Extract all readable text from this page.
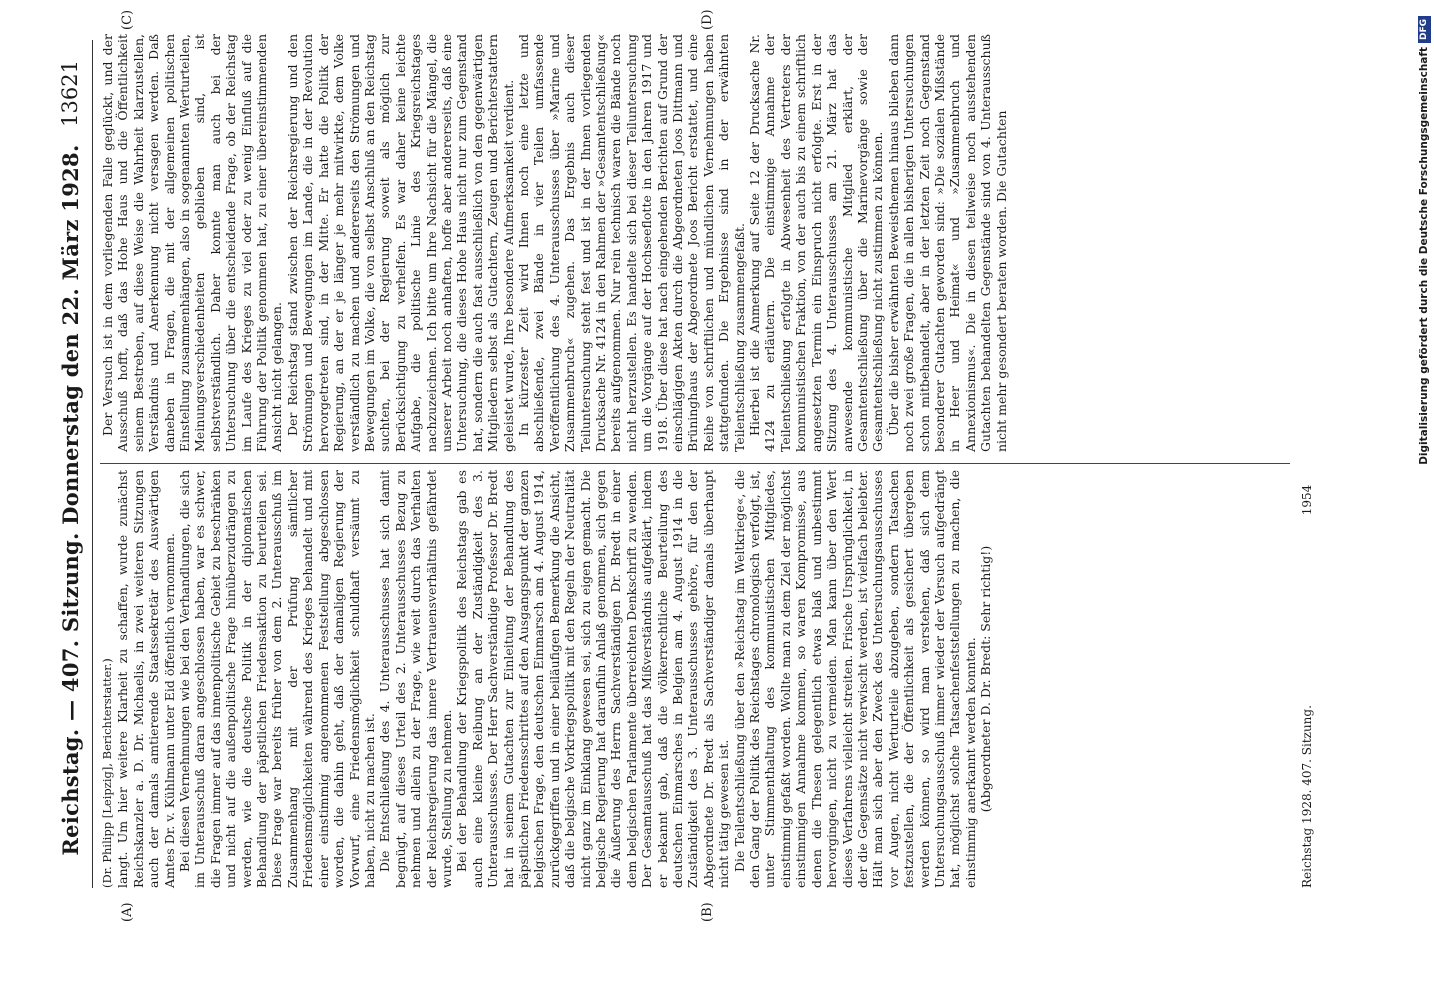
Reichstag. — 407. Sitzung. Donnerstag den 22. März 1928.
13621
(A)	(B)
(C)	(D)

(Dr. Philipp [Leipzig], Berichterstatter.) langt. Um hier weitere Klarheit zu schaffen, wurde zunächst Reichskanzler a. D. Dr. Michaelis, in zwei weiteren Sitzungen auch der damals amtierende Staatssekretär des Auswärtigen Amtes Dr. v. Kühlmann unter Eid öffentlich vernommen. Bei diesen Vernehmungen wie bei den Verhandlungen, die sich im Unterausschuß daran angeschlossen haben, war es schwer, die Fragen immer auf das innenpolitische Gebiet zu beschränken und nicht auf die außenpolitische Frage hinüberzudrängen zu werden, wie die deutsche Politik in der diplomatischen Behandlung der päpstlichen Friedensaktion zu beurteilen sei. Diese Frage war bereits früher von dem 2. Unterausschuß im Zusammenhang mit der Prüfung sämtlicher Friedensmöglichkeiten während des Krieges behandelt und mit einer einstimmig angenommenen Feststellung abgeschlossen worden, die dahin geht, daß der damaligen Regierung der Vorwurf, eine Friedensmöglichkeit schuldhaft versäumt zu haben, nicht zu machen ist. Die Entschließung des 4. Unterausschusses hat sich damit begnügt, auf dieses Urteil des 2. Unterausschusses Bezug zu nehmen und allein zu der Frage, wie weit durch das Verhalten der Reichsregierung das innere Vertrauensverhältnis gefährdet wurde, Stellung zu nehmen. Bei der Behandlung der Kriegspolitik des Reichstags gab es auch eine kleine Reibung an der Zuständigkeit des 3. Unterausschusses. Der Herr Sachverständige Professor Dr. Bredt hat in seinem Gutachten zur Einleitung der Behandlung des päpstlichen Friedensschrittes auf den Ausgangspunkt der ganzen belgischen Frage, den deutschen Einmarsch am 4. August 1914, zurückgegriffen und in einer beiläufigen Bemerkung die Ansicht, daß die belgische Vorkriegspolitik mit den Regeln der Neutralität nicht ganz im Einklang gewesen sei, sich zu eigen gemacht. Die belgische Regierung hat daraufhin Anlaß genommen, sich gegen die Äußerung des Herrn Sachverständigen Dr. Bredt in einer dem belgischen Parlamente überreichten Denkschrift zu wenden. Der Gesamtausschuß hat das Mißverständnis aufgeklärt, indem er bekannt gab, daß die völkerrechtliche Beurteilung des deutschen Einmarsches in Belgien am 4. August 1914 in die Zuständigkeit des 3. Unterausschusses gehöre, für den der Abgeordnete Dr. Bredt als Sachverständiger damals überhaupt nicht tätig gewesen ist. Die Teilentschließung über den »Reichstag im Weltkriege«, die den Gang der Politik des Reichstages chronologisch verfolgt, ist, unter Stimmenthaltung des kommunistischen Mitgliedes, einstimmig gefaßt worden. Wollte man zu dem Ziel der möglichst einstimmigen Annahme kommen, so waren Kompromisse, aus denen die Thesen gelegentlich etwas blaß und unbestimmt hervorgingen, nicht zu vermeiden. Man kann über den Wert dieses Verfahrens vielleicht streiten. Frische Ursprünglichkeit, in der die Gegensätze nicht verwischt werden, ist vielfach beliebter. Hält man sich aber den Zweck des Untersuchungsausschusses vor Augen, nicht Werturteile abzugeben, sondern Tatsachen festzustellen, die der Öffentlichkeit als gesichert übergeben werden können, so wird man verstehen, daß sich dem Untersuchungsausschuß immer wieder der Versuch aufgedrängt hat, möglichst solche Tatsachenfeststellungen zu machen, die einstimmig anerkannt werden konnten. (Abgeordneter D. Dr. Bredt: Sehr richtig!)

Der Versuch ist in dem vorliegenden Falle geglückt, und der Ausschuß hofft, daß das Hohe Haus und die Öffentlichkeit seinem Bestreben, auf diese Weise die Wahrheit klarzustellen, Verständnis und Anerkennung nicht versagen werden. Daß daneben in Fragen, die mit der allgemeinen politischen Einstellung zusammenhängen, also in sogenannten Werturteilen, Meinungsverschiedenheiten geblieben sind, ist selbstverständlich. Daher konnte man auch bei der Untersuchung über die entscheidende Frage, ob der Reichstag im Laufe des Krieges zu viel oder zu wenig Einfluß auf die Führung der Politik genommen hat, zu einer übereinstimmenden Ansicht nicht gelangen. Der Reichstag stand zwischen der Reichsregierung und den Strömungen und Bewegungen im Lande, die in der Revolution hervorgetreten sind, in der Mitte. Er hatte die Politik der Regierung, an der er je länger je mehr mitwirkte, dem Volke verständlich zu machen und andererseits den Strömungen und Bewegungen im Volke, die von selbst Anschluß an den Reichstag suchten, bei der Regierung soweit als möglich zur Berücksichtigung zu verhelfen. Es war daher keine leichte Aufgabe, die politische Linie des Kriegsreichstages nachzuzeichnen. Ich bitte um Ihre Nachsicht für die Mängel, die unserer Arbeit noch anhaften, hoffe aber andererseits, daß eine Untersuchung, die dieses Hohe Haus nicht nur zum Gegenstand hat, sondern die auch fast ausschließlich von den gegenwärtigen Mitgliedern selbst als Gutachtern, Zeugen und Berichterstattern geleistet wurde, Ihre besondere Aufmerksamkeit verdient. In kürzester Zeit wird Ihnen noch eine letzte und abschließende, zwei Bände in vier Teilen umfassende Veröffentlichung des 4. Unterausschusses über »Marine und Zusammenbruch« zugehen. Das Ergebnis auch dieser Teiluntersuchung steht fest und ist in der Ihnen vorliegenden Drucksache Nr. 4124 in den Rahmen der »Gesamtentschließung« bereits aufgenommen. Nur rein technisch waren die Bände noch nicht herzustellen. Es handelte sich bei dieser Teiluntersuchung um die Vorgänge auf der Hochseeflotte in den Jahren 1917 und 1918. Über diese hat nach eingehenden Berichten auf Grund der einschlägigen Akten durch die Abgeordneten Joos Dittmann und Brüninghaus der Abgeordnete Joos Bericht erstattet, und eine Reihe von schriftlichen und mündlichen Vernehmungen haben stattgefunden. Die Ergebnisse sind in der erwähnten Teilentschließung zusammengefaßt. Hierbei ist die Anmerkung auf Seite 12 der Drucksache Nr. 4124 zu erläutern. Die einstimmige Annahme der Teilentschließung erfolgte in Abwesenheit des Vertreters der kommunistischen Fraktion, von der auch bis zu einem schriftlich angesetzten Termin ein Einspruch nicht erfolgte. Erst in der Sitzung des 4. Unterausschusses am 21. März hat das anwesende kommunistische Mitglied erklärt, der Gesamtentschließung über die Marinevorgänge sowie der Gesamtentschließung nicht zustimmen zu können. Über die bisher erwähnten Beweisthemen hinaus blieben dann noch zwei große Fragen, die in allen bisherigen Untersuchungen schon mitbehandelt, aber in der letzten Zeit noch Gegenstand besonderer Gutachten geworden sind: »Die sozialen Mißstände in Heer und Heimat« und »Zusammenbruch und Annexionismus«. Die in diesen teilweise noch ausstehenden Gutachten behandelten Gegenstände sind von 4. Unterausschuß nicht mehr gesondert beraten worden. Die Gutachten

Reichstag 1928. 407. Sitzung.
1954
Digitalisierung gefördert durch die Deutsche ForschungsgemeinschaftDFG
